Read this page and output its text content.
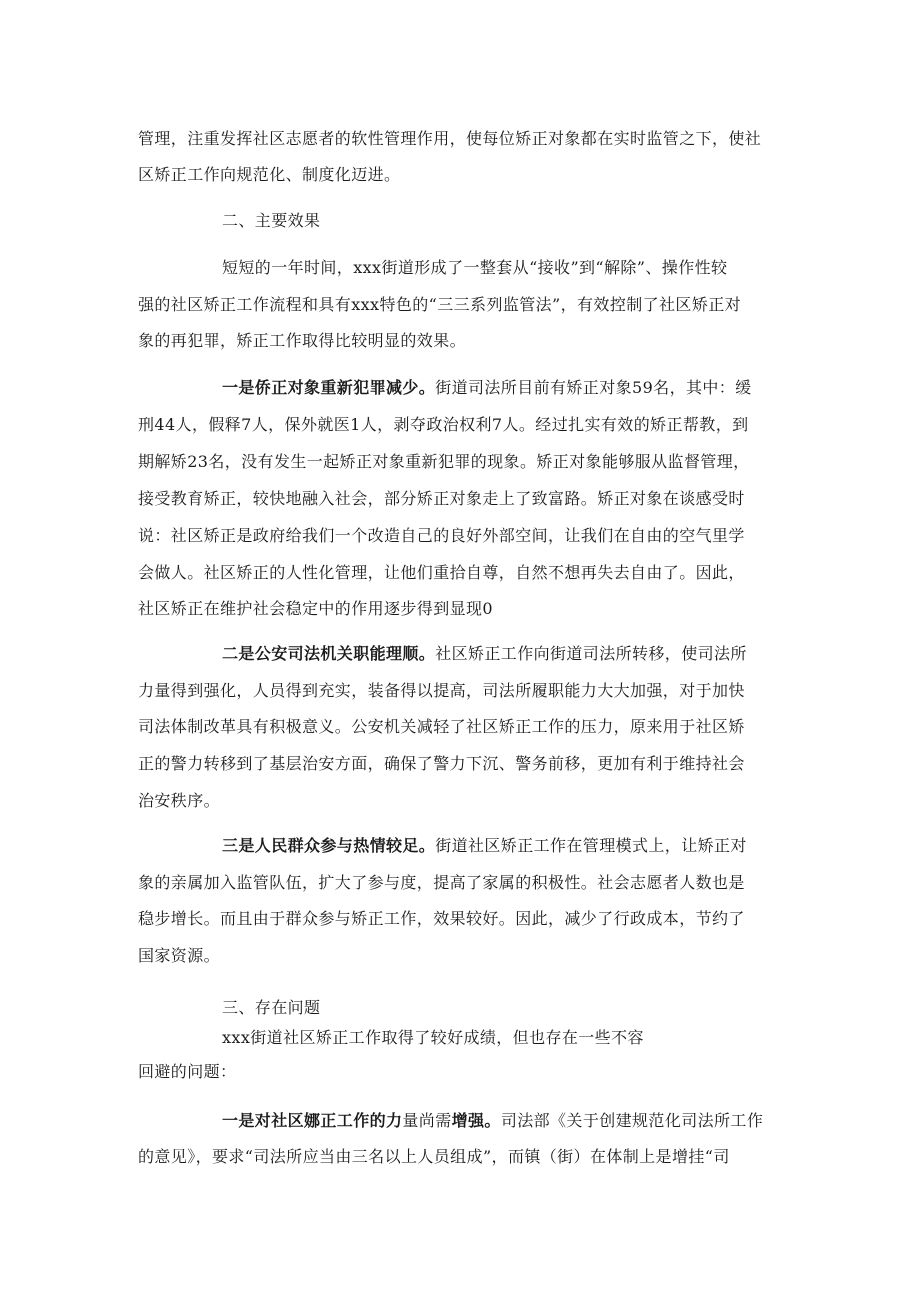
管理，注重发挥社区志愿者的软性管理作用，使每位矫正对象都在实时监管之下，使社
区矫正工作向规范化、制度化迈进。
二、主要效果
短短的一年时间，xxx街道形成了一整套从“接收”到“解除”、操作性较
强的社区矫正工作流程和具有xxx特色的“三三系列监管法”，有效控制了社区矫正对
象的再犯罪，矫正工作取得比较明显的效果。
一是侨正对象重新犯罪减少。街道司法所目前有矫正对象59名，其中：缓
刑44人，假释7人，保外就医1人，剥夺政治权利7人。经过扎实有效的矫正帮教，到
期解矫23名，没有发生一起矫正对象重新犯罪的现象。矫正对象能够服从监督管理，
接受教育矫正，较快地融入社会，部分矫正对象走上了致富路。矫正对象在谈感受时
说：社区矫正是政府给我们一个改造自己的良好外部空间，让我们在自由的空气里学
会做人。社区矫正的人性化管理，让他们重拾自尊，自然不想再失去自由了。因此，
社区矫正在维护社会稳定中的作用逐步得到显现0
二是公安司法机关职能理顺。社区矫正工作向街道司法所转移，使司法所
力量得到强化，人员得到充实，装备得以提高，司法所履职能力大大加强，对于加快
司法体制改革具有积极意义。公安机关减轻了社区矫正工作的压力，原来用于社区矫
正的警力转移到了基层治安方面，确保了警力下沉、警务前移，更加有利于维持社会
治安秩序。
三是人民群众参与热情较足。街道社区矫正工作在管理模式上，让矫正对
象的亲属加入监管队伍，扩大了参与度，提高了家属的积极性。社会志愿者人数也是
稳步增长。而且由于群众参与矫正工作，效果较好。因此，减少了行政成本，节约了
国家资源。
三、存在问题
xxx街道社区矫正工作取得了较好成绩，但也存在一些不容
回避的问题：
一是对社区娜正工作的力量尚需增强。司法部《关于创建规范化司法所工作
的意见》，要求“司法所应当由三名以上人员组成”，而镇（街）在体制上是增挂“司
